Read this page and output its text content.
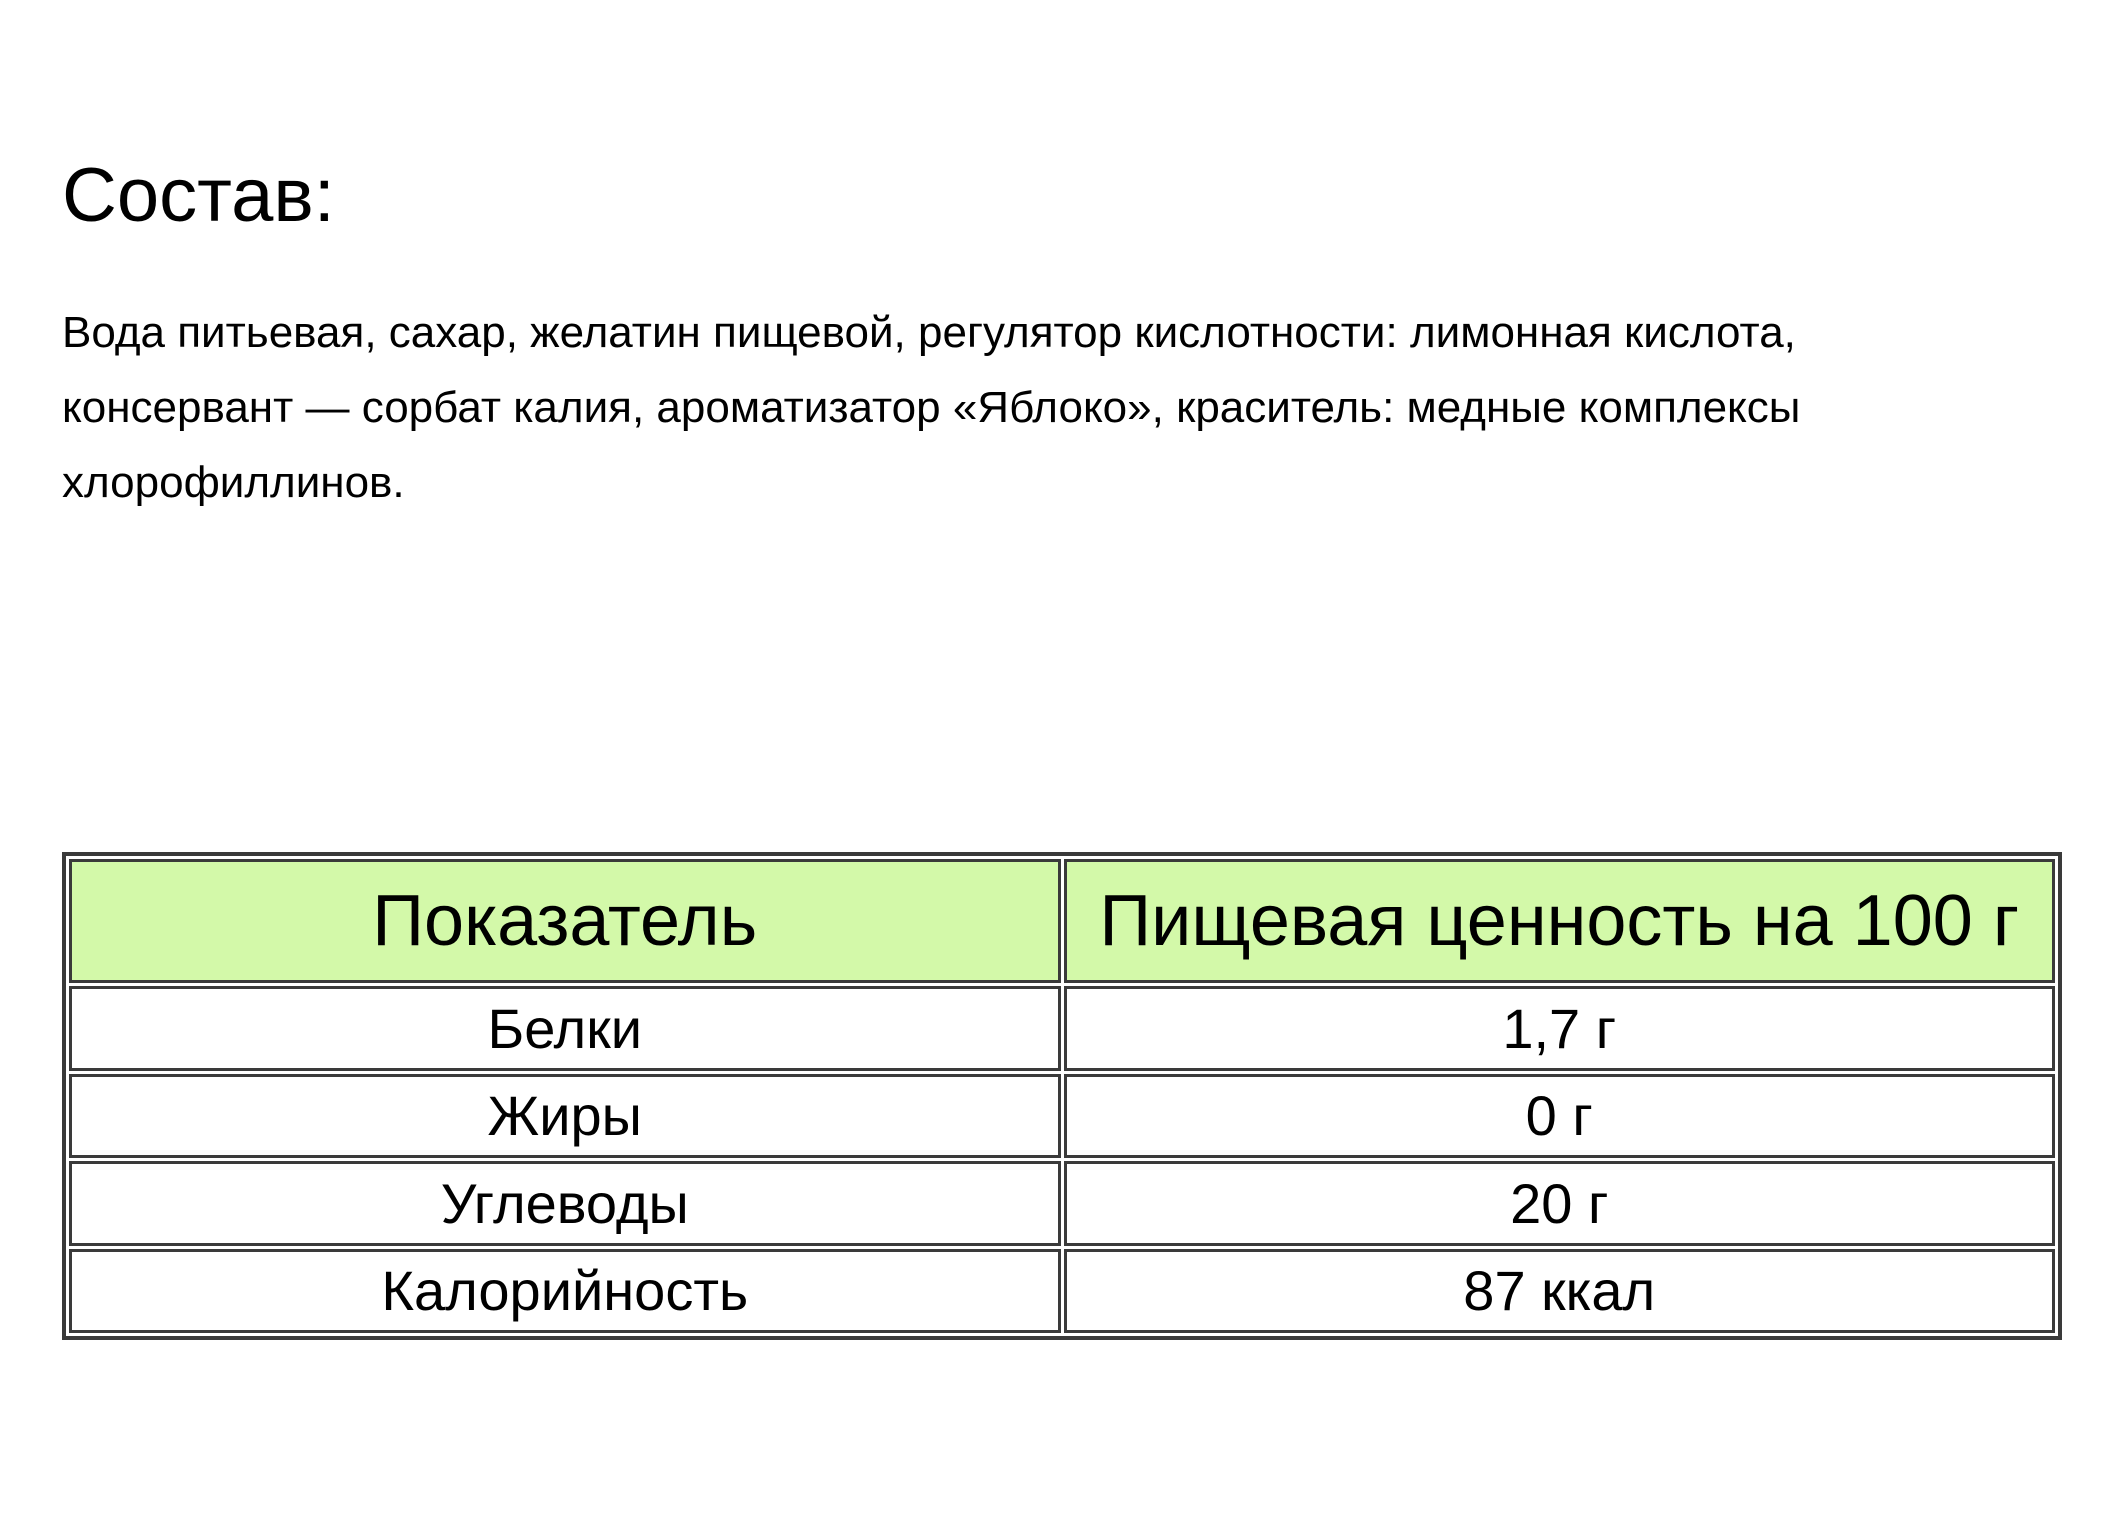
Состав:

Вода питьевая, сахар, желатин пищевой, регулятор кислотности: лимонная кислота,
консервант — сорбат калия, ароматизатор «Яблоко», краситель: медные комплексы
хлорофиллинов.

Показатель	Пищевая ценность на 100 г
Белки	1,7 г
Жиры	0 г
Углеводы	20 г
Калорийность	87 ккал
